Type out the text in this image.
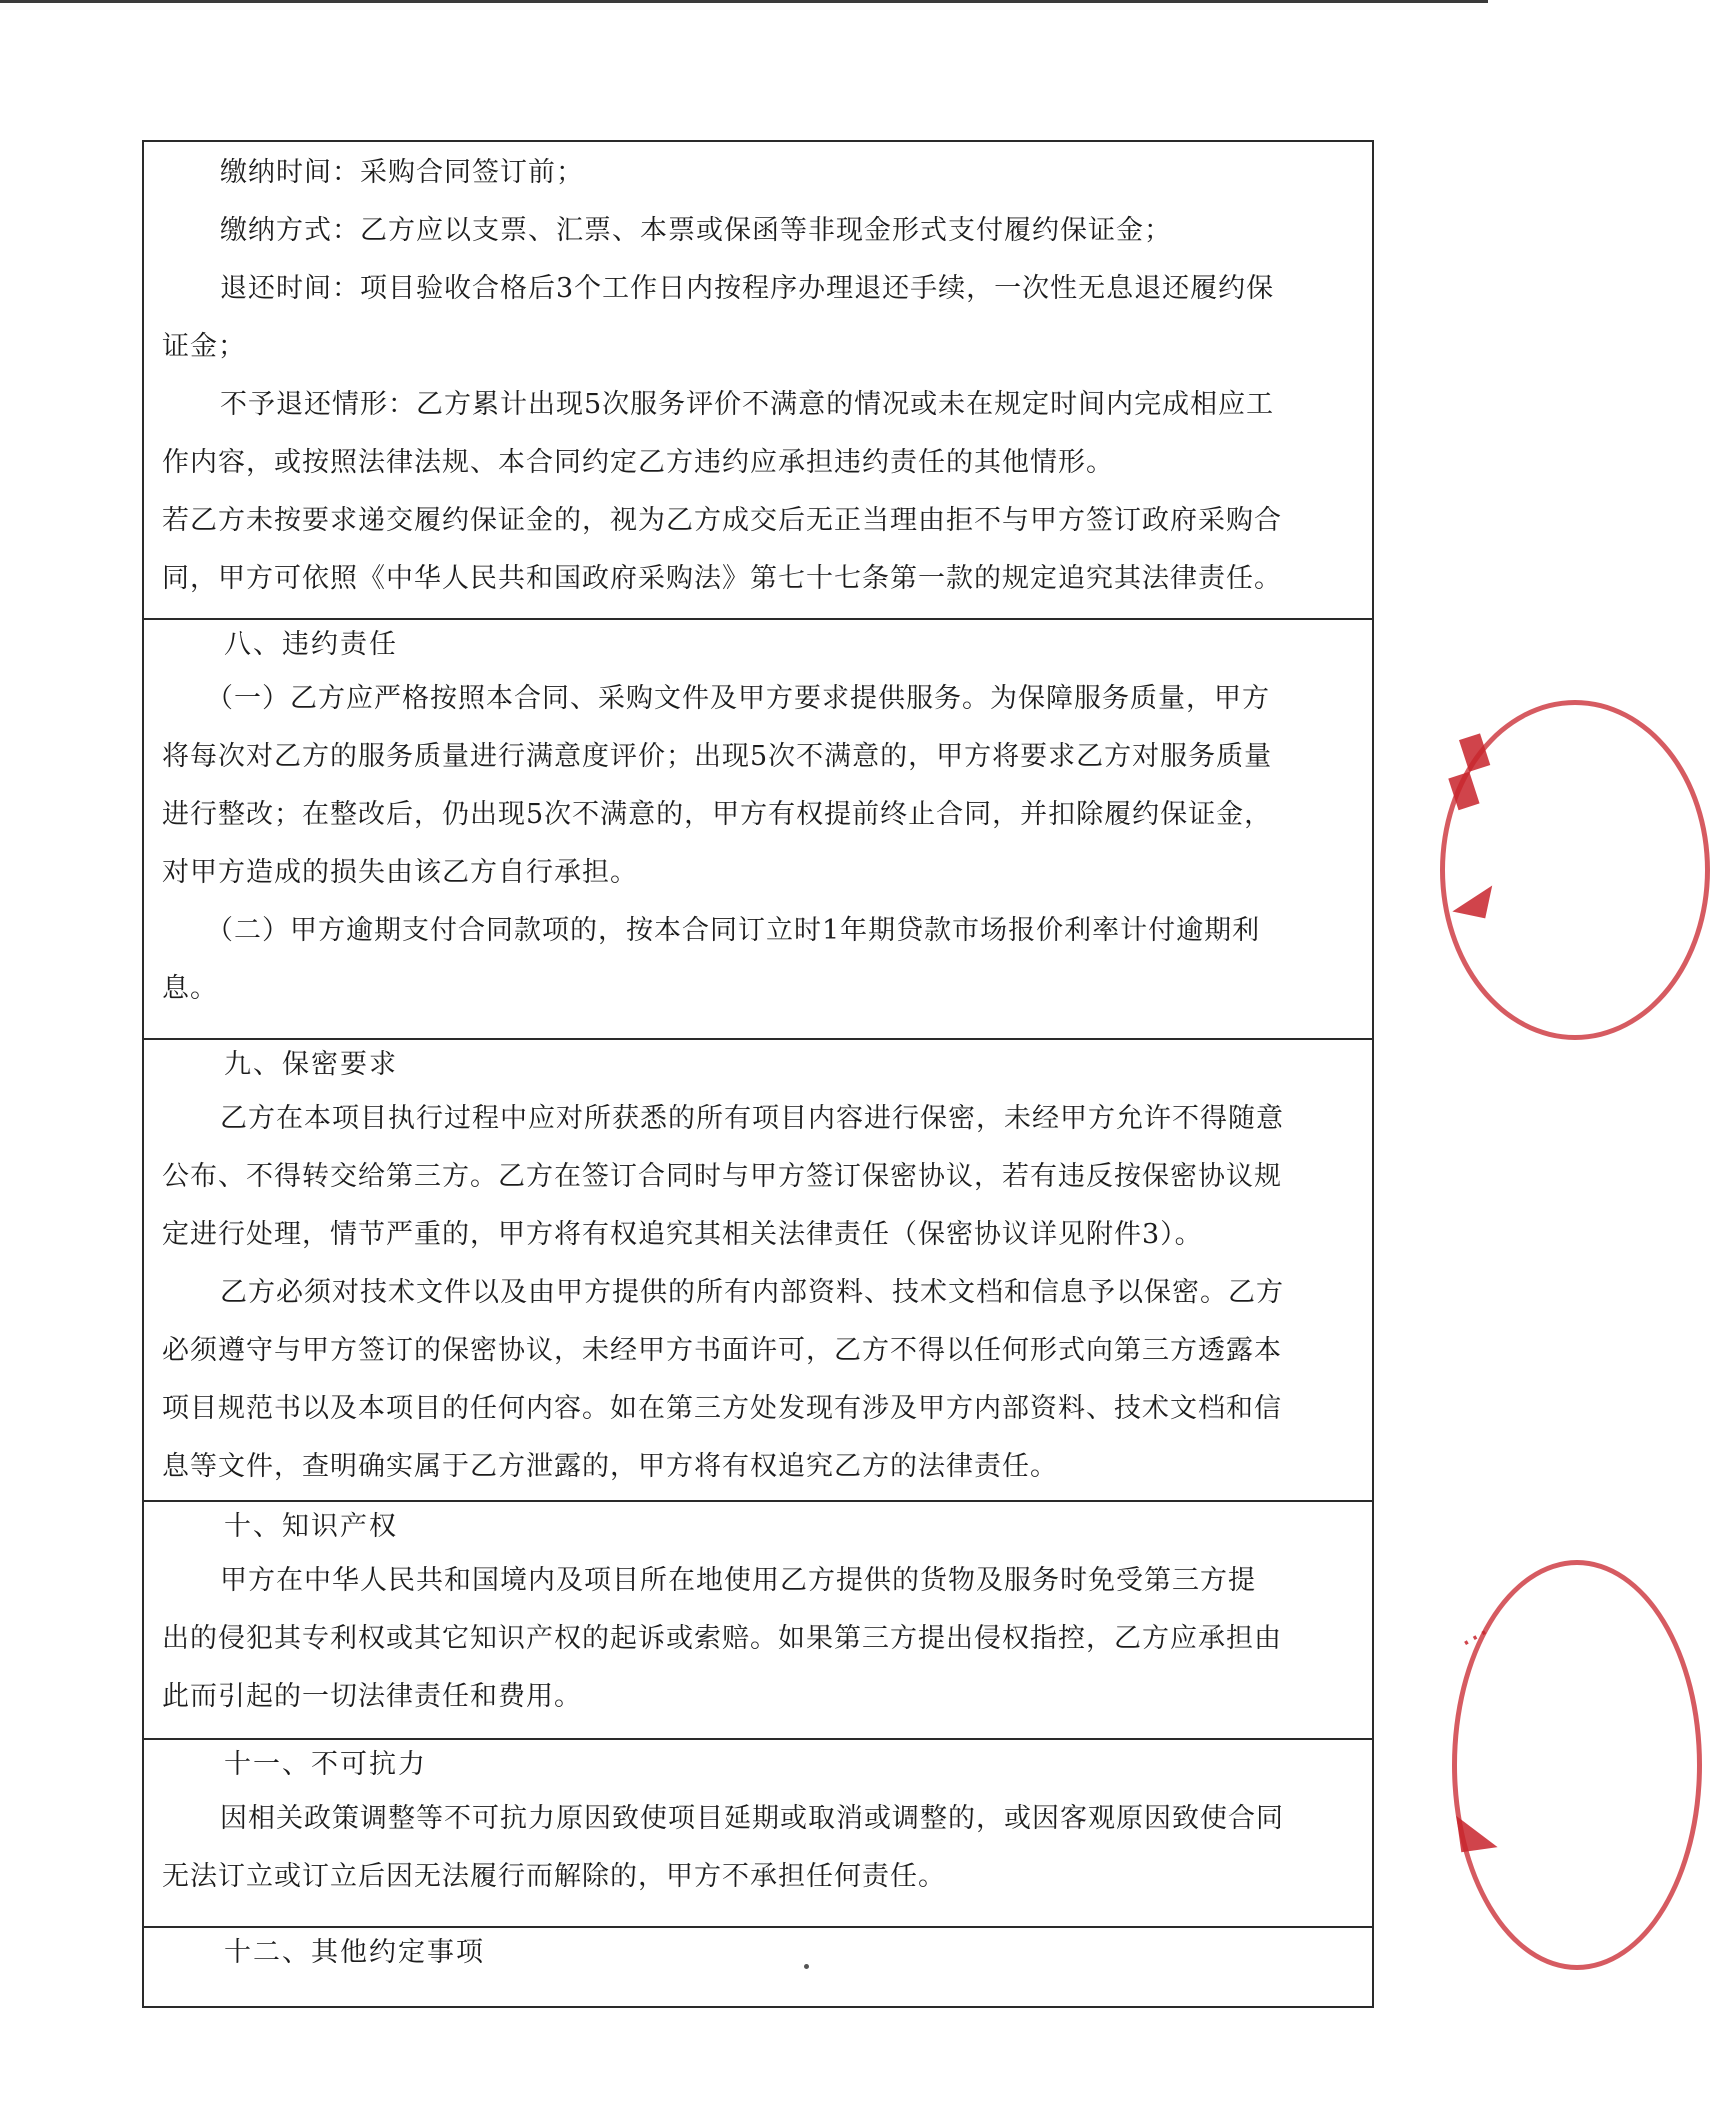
缴纳时间：采购合同签订前；
缴纳方式：乙方应以支票、汇票、本票或保函等非现金形式支付履约保证金；
退还时间：项目验收合格后3个工作日内按程序办理退还手续，一次性无息退还履约保
证金；
不予退还情形：乙方累计出现5次服务评价不满意的情况或未在规定时间内完成相应工
作内容，或按照法律法规、本合同约定乙方违约应承担违约责任的其他情形。
若乙方未按要求递交履约保证金的，视为乙方成交后无正当理由拒不与甲方签订政府采购合
同，甲方可依照《中华人民共和国政府采购法》第七十七条第一款的规定追究其法律责任。
八、违约责任
（一）乙方应严格按照本合同、采购文件及甲方要求提供服务。为保障服务质量，甲方
将每次对乙方的服务质量进行满意度评价；出现5次不满意的，甲方将要求乙方对服务质量
进行整改；在整改后，仍出现5次不满意的，甲方有权提前终止合同，并扣除履约保证金，
对甲方造成的损失由该乙方自行承担。
（二）甲方逾期支付合同款项的，按本合同订立时1年期贷款市场报价利率计付逾期利
息。
九、保密要求
乙方在本项目执行过程中应对所获悉的所有项目内容进行保密，未经甲方允许不得随意
公布、不得转交给第三方。乙方在签订合同时与甲方签订保密协议，若有违反按保密协议规
定进行处理，情节严重的，甲方将有权追究其相关法律责任（保密协议详见附件3）。
乙方必须对技术文件以及由甲方提供的所有内部资料、技术文档和信息予以保密。乙方
必须遵守与甲方签订的保密协议，未经甲方书面许可，乙方不得以任何形式向第三方透露本
项目规范书以及本项目的任何内容。如在第三方处发现有涉及甲方内部资料、技术文档和信
息等文件，查明确实属于乙方泄露的，甲方将有权追究乙方的法律责任。
十、知识产权
甲方在中华人民共和国境内及项目所在地使用乙方提供的货物及服务时免受第三方提
出的侵犯其专利权或其它知识产权的起诉或索赔。如果第三方提出侵权指控，乙方应承担由
此而引起的一切法律责任和费用。
十一、不可抗力
因相关政策调整等不可抗力原因致使项目延期或取消或调整的，或因客观原因致使合同
无法订立或订立后因无法履行而解除的，甲方不承担任何责任。
十二、其他约定事项
▞
◢
⋯
◣
